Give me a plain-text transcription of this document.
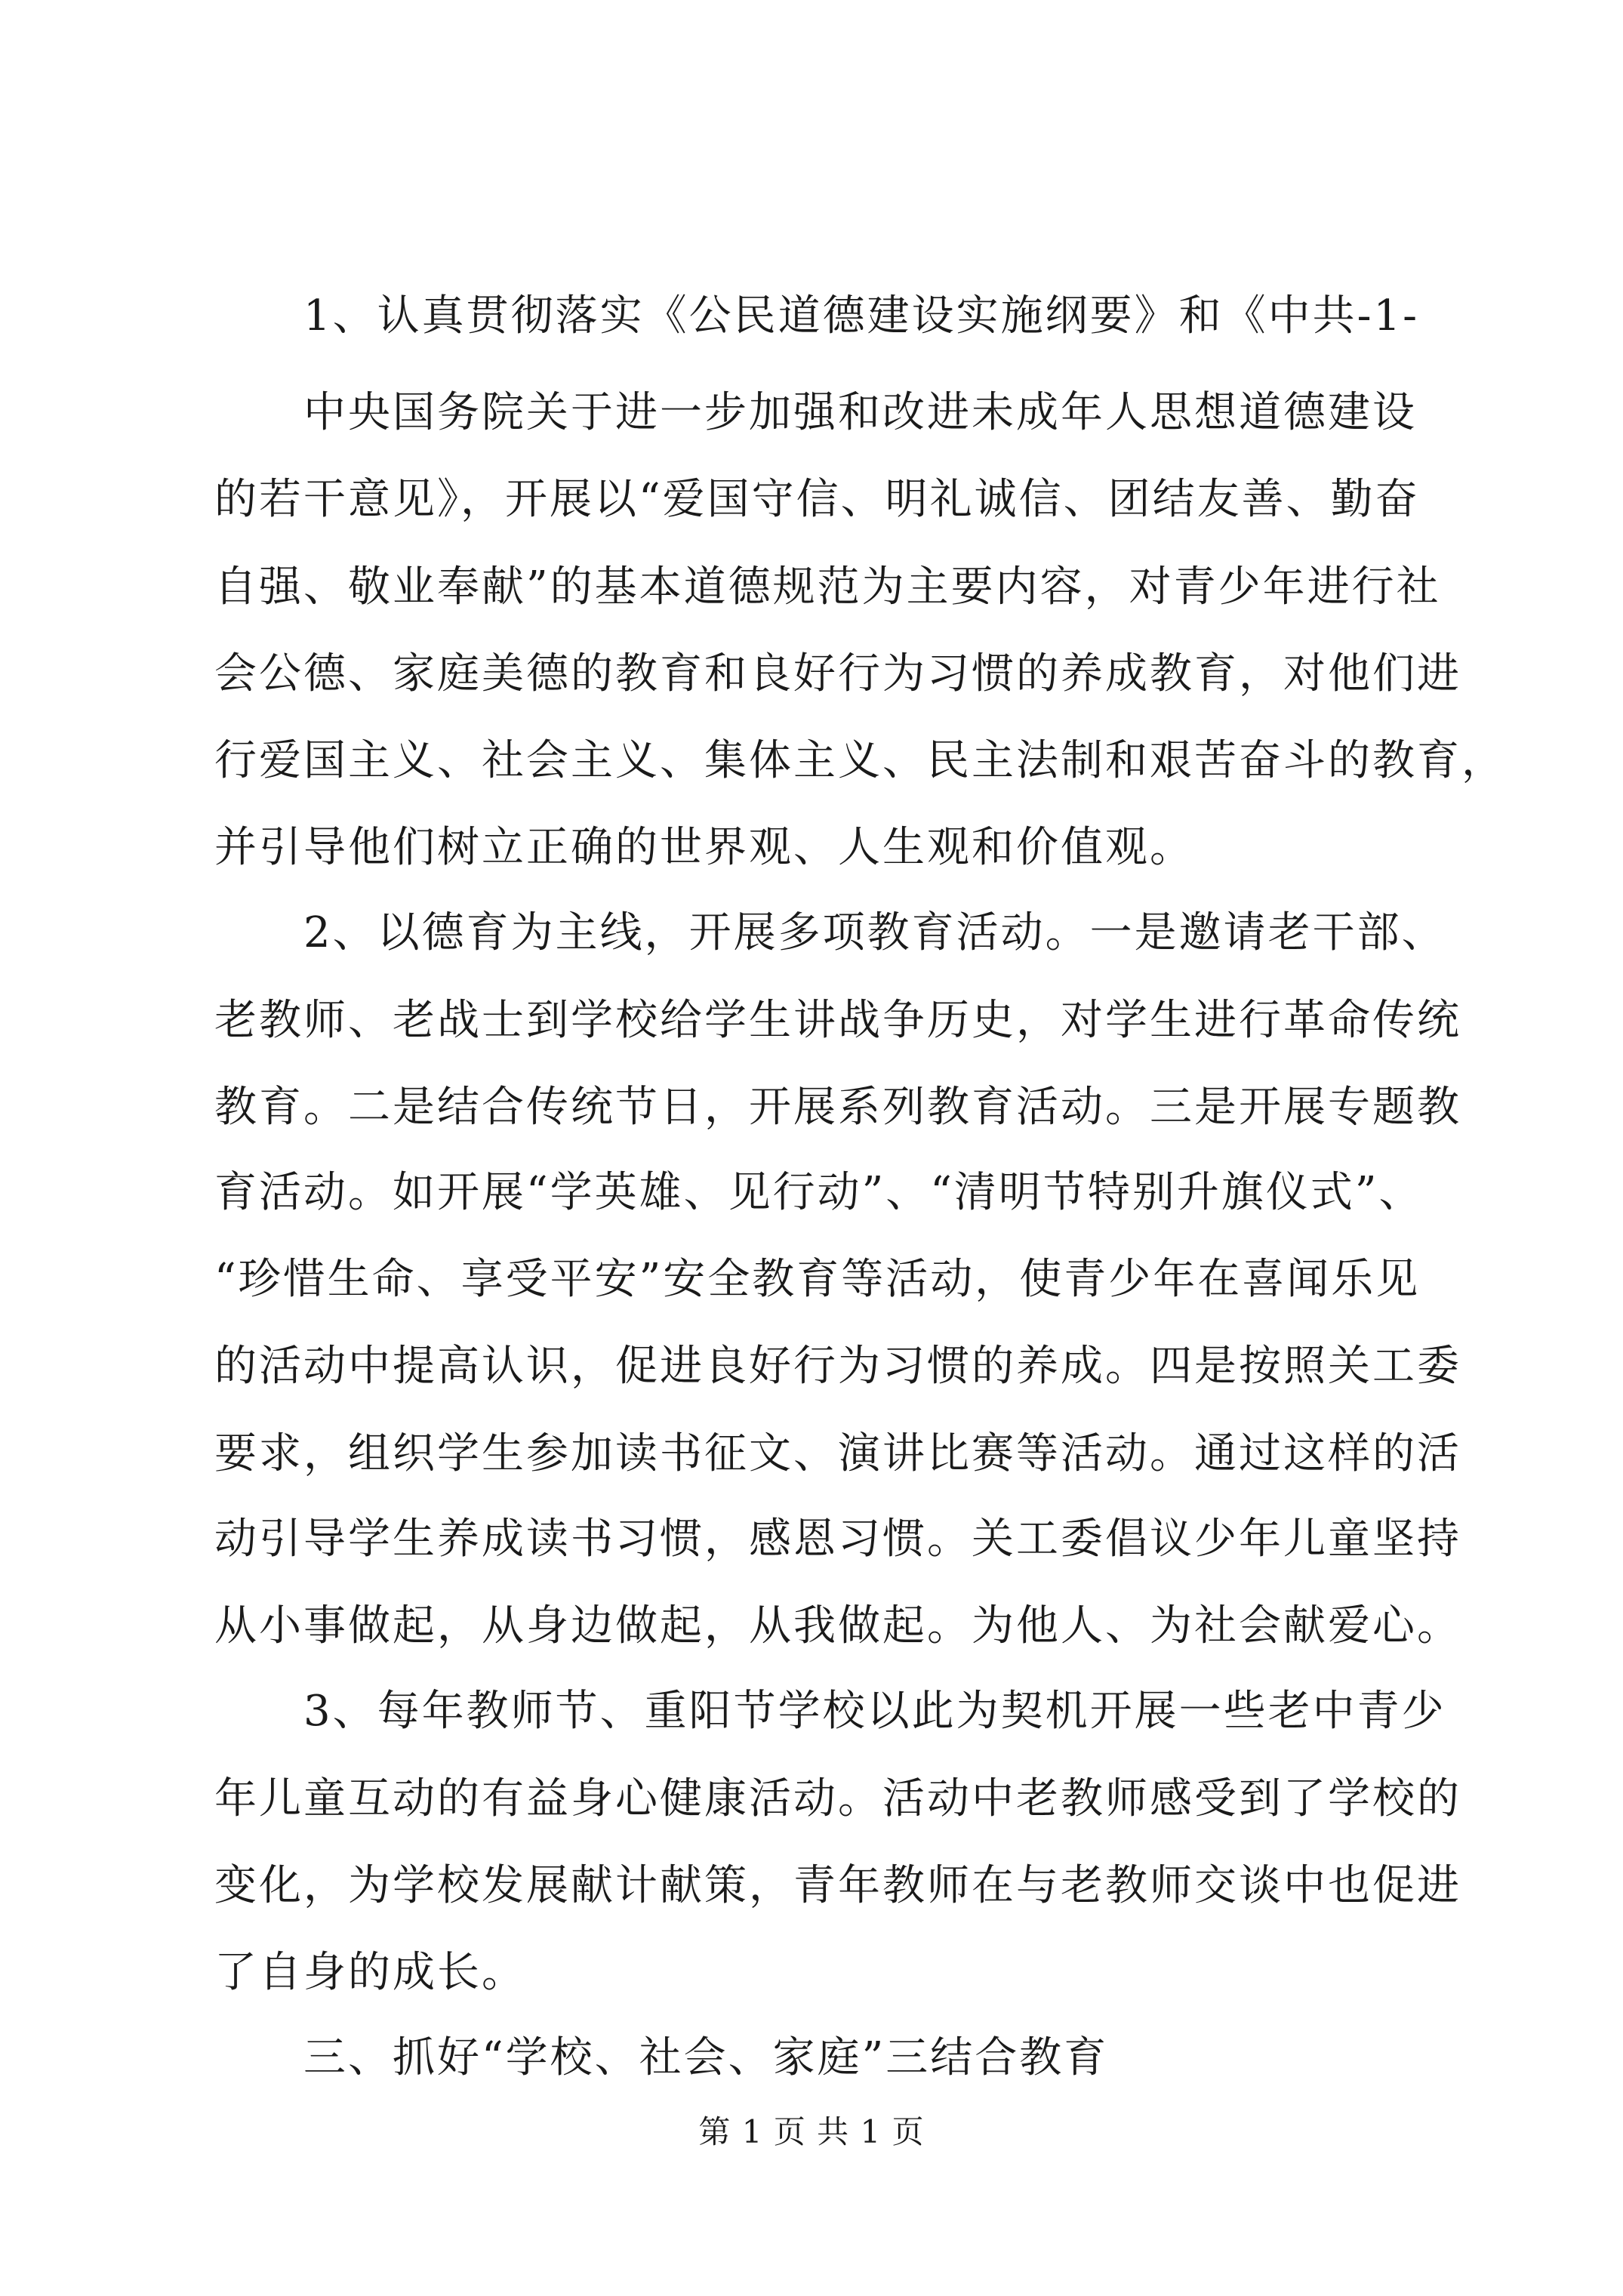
1、认真贯彻落实《公民道德建设实施纲要》和《中共-1-
中央国务院关于进一步加强和改进未成年人思想道德建设
的若干意见》，开展以“爱国守信、明礼诚信、团结友善、勤奋
自强、敬业奉献”的基本道德规范为主要内容，对青少年进行社
会公德、家庭美德的教育和良好行为习惯的养成教育，对他们进
行爱国主义、社会主义、集体主义、民主法制和艰苦奋斗的教育，
并引导他们树立正确的世界观、人生观和价值观。
2、以德育为主线，开展多项教育活动。一是邀请老干部、
老教师、老战士到学校给学生讲战争历史，对学生进行革命传统
教育。二是结合传统节日，开展系列教育活动。三是开展专题教
育活动。如开展“学英雄、见行动”、“清明节特别升旗仪式”、
“珍惜生命、享受平安”安全教育等活动，使青少年在喜闻乐见
的活动中提高认识，促进良好行为习惯的养成。四是按照关工委
要求，组织学生参加读书征文、演讲比赛等活动。通过这样的活
动引导学生养成读书习惯，感恩习惯。关工委倡议少年儿童坚持
从小事做起，从身边做起，从我做起。为他人、为社会献爱心。
3、每年教师节、重阳节学校以此为契机开展一些老中青少
年儿童互动的有益身心健康活动。活动中老教师感受到了学校的
变化，为学校发展献计献策，青年教师在与老教师交谈中也促进
了自身的成长。
三、抓好“学校、社会、家庭”三结合教育
第 1 页 共 1 页
